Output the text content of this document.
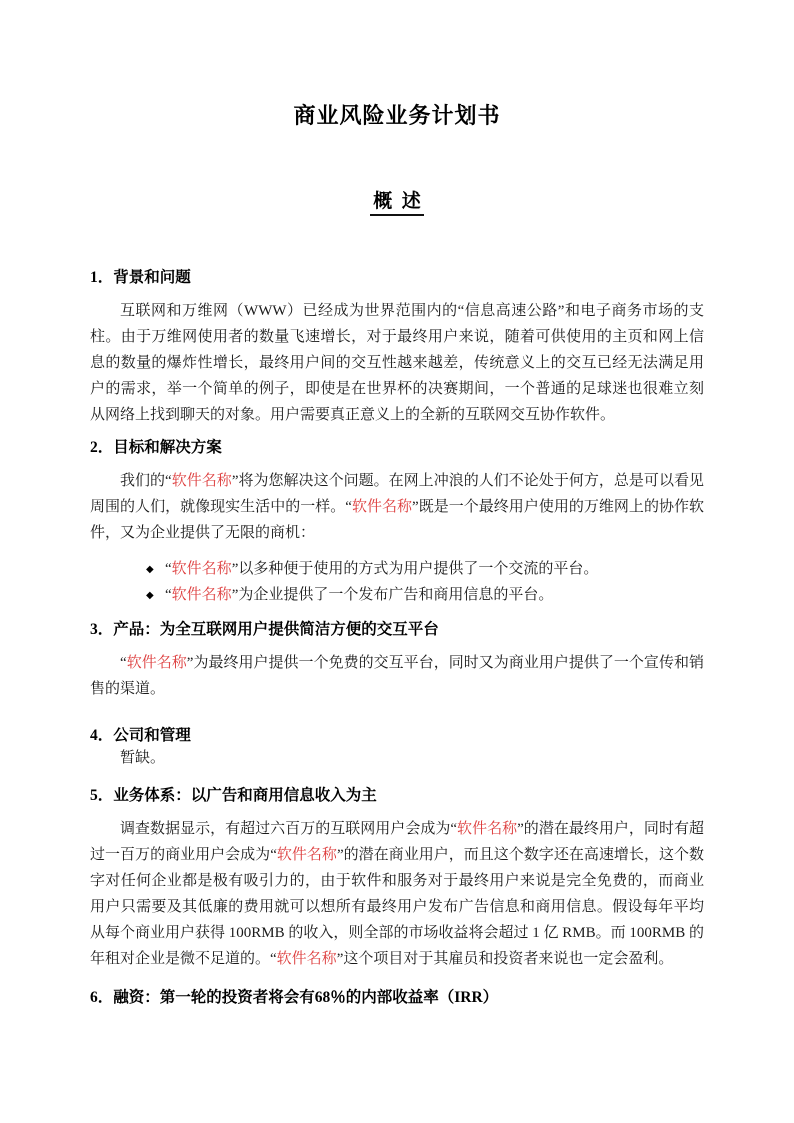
商业风险业务计划书
概 述
1．背景和问题

互联网和万维网（WWW）已经成为世界范围内的“信息高速公路”和电子商务市场的支柱。由于万维网使用者的数量飞速增长，对于最终用户来说，随着可供使用的主页和网上信息的数量的爆炸性增长，最终用户间的交互性越来越差，传统意义上的交互已经无法满足用户的需求，举一个简单的例子，即使是在世界杯的决赛期间，一个普通的足球迷也很难立刻从网络上找到聊天的对象。用户需要真正意义上的全新的互联网交互协作软件。

2．目标和解决方案

我们的“软件名称”将为您解决这个问题。在网上冲浪的人们不论处于何方，总是可以看见周围的人们，就像现实生活中的一样。“软件名称”既是一个最终用户使用的万维网上的协作软件，又为企业提供了无限的商机：

◆ “软件名称”以多种便于使用的方式为用户提供了一个交流的平台。
◆ “软件名称”为企业提供了一个发布广告和商用信息的平台。
3．产品：为全互联网用户提供简洁方便的交互平台

“软件名称”为最终用户提供一个免费的交互平台，同时又为商业用户提供了一个宣传和销售的渠道。

4．公司和管理

暂缺。

5．业务体系：以广告和商用信息收入为主

调查数据显示，有超过六百万的互联网用户会成为“软件名称”的潜在最终用户，同时有超过一百万的商业用户会成为“软件名称”的潜在商业用户，而且这个数字还在高速增长，这个数字对任何企业都是极有吸引力的，由于软件和服务对于最终用户来说是完全免费的，而商业用户只需要及其低廉的费用就可以想所有最终用户发布广告信息和商用信息。假设每年平均从每个商业用户获得 100RMB 的收入，则全部的市场收益将会超过 1 亿 RMB。而 100RMB 的年租对企业是微不足道的。“软件名称”这个项目对于其雇员和投资者来说也一定会盈利。

6．融资：第一轮的投资者将会有68％的内部收益率（IRR）
